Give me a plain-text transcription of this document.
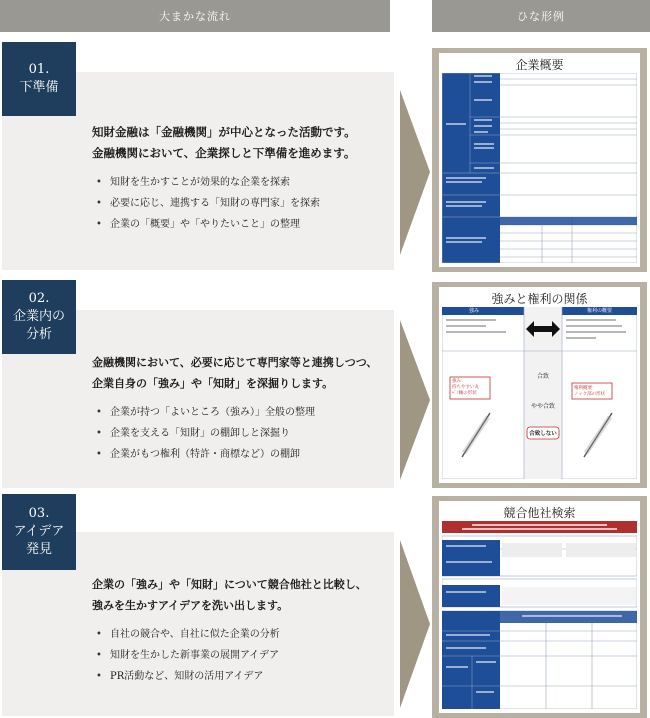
大まかな流れ	ひな形例
01.
下準備
知財金融は「金融機関」が中心となった活動です。
金融機関において、企業探しと下準備を進めます。
• 知財を生かすことが効果的な企業を探索
• 必要に応じ、連携する「知財の専門家」を探索
• 企業の「概要」や「やりたいこと」の整理
企業概要
02.
企業内の
分析
金融機関において、必要に応じて専門家等と連携しつつ、
企業自身の「強み」や「知財」を深掘りします。
• 企業が持つ「よいところ（強み）」全般の整理
• 企業を支える「知財」の棚卸しと深掘り
• 企業がもつ権利（特許・商標など）の棚卸
強みと権利の関係
強み	権利の概要
合致
やや合致
合致しない
強み：
持ちやすい丸
ﾍﾟﾝ軸の形状
権利概要：
ノック部の形状
03.
アイデア
発見
企業の「強み」や「知財」について競合他社と比較し、
強みを生かすアイデアを洗い出します。
• 自社の競合や、自社に似た企業の分析
• 知財を生かした新事業の展開アイデア
• PR活動など、知財の活用アイデア
競合他社検索
